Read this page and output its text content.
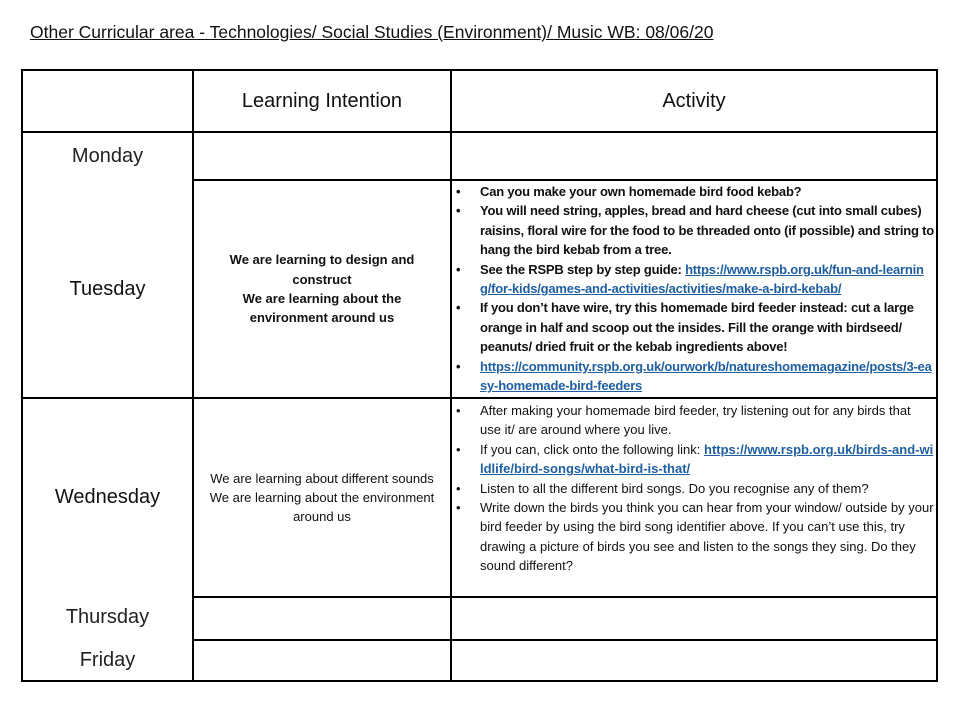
Other Curricular area - Technologies/ Social Studies (Environment)/ Music WB: 08/06/20
Learning Intention	Activity
Monday
Tuesday
Wednesday
Thursday
Friday
We are learning to design and construct
We are learning about the environment around us
We are learning about different sounds
We are learning about the environment around us
• Can you make your own homemade bird food kebab?
• You will need string, apples, bread and hard cheese (cut into small cubes) raisins, floral wire for the food to be threaded onto (if possible) and string to hang the bird kebab from a tree.
• See the RSPB step by step guide: https://www.rspb.org.uk/fun-and-learning/for-kids/games-and-activities/activities/make-a-bird-kebab/
• If you don’t have wire, try this homemade bird feeder instead: cut a large orange in half and scoop out the insides. Fill the orange with birdseed/ peanuts/ dried fruit or the kebab ingredients above!
• https://community.rspb.org.uk/ourwork/b/natureshomemagazine/posts/3-easy-homemade-bird-feeders
• After making your homemade bird feeder, try listening out for any birds that use it/ are around where you live.
• If you can, click onto the following link: https://www.rspb.org.uk/birds-and-wildlife/bird-songs/what-bird-is-that/
• Listen to all the different bird songs. Do you recognise any of them?
• Write down the birds you think you can hear from your window/ outside by your bird feeder by using the bird song identifier above. If you can’t use this, try drawing a picture of birds you see and listen to the songs they sing. Do they sound different?
